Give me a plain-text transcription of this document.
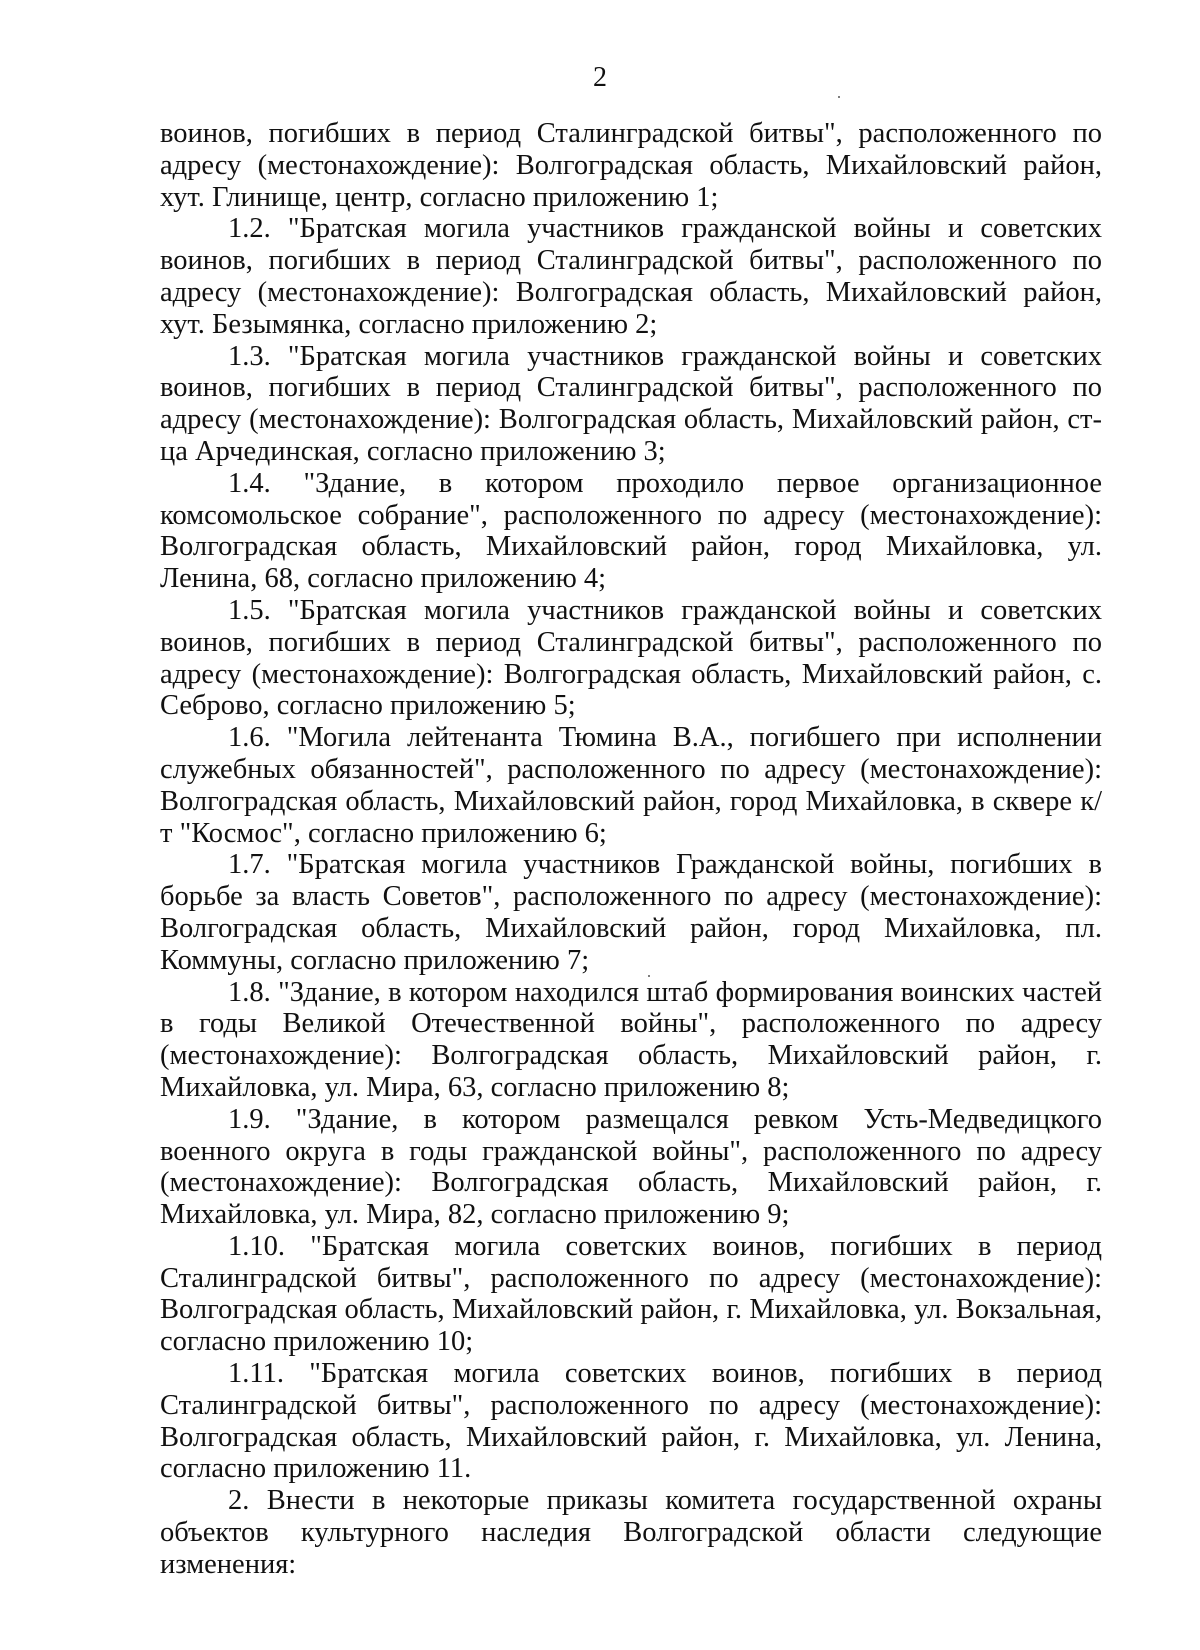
2

воинов, погибших в период Сталинградской битвы", расположенного по адресу (местонахождение): Волгоградская область, Михайловский район, хут. Глинище, центр, согласно приложению 1;

1.2. "Братская могила участников гражданской войны и советских воинов, погибших в период Сталинградской битвы", расположенного по адресу (местонахождение): Волгоградская область, Михайловский район, хут. Безымянка, согласно приложению 2;

1.3. "Братская могила участников гражданской войны и советских воинов, погибших в период Сталинградской битвы", расположенного по адресу (местонахождение): Волгоградская область, Михайловский район, ст-ца Арчединская, согласно приложению 3;

1.4. "Здание, в котором проходило первое организационное комсомольское собрание", расположенного по адресу (местонахождение): Волгоградская область, Михайловский район, город Михайловка, ул. Ленина, 68, согласно приложению 4;

1.5. "Братская могила участников гражданской войны и советских воинов, погибших в период Сталинградской битвы", расположенного по адресу (местонахождение): Волгоградская область, Михайловский район, с. Себрово, согласно приложению 5;

1.6. "Могила лейтенанта Тюмина В.А., погибшего при исполнении служебных обязанностей", расположенного по адресу (местонахождение): Волгоградская область, Михайловский район, город Михайловка, в сквере к/т "Космос", согласно приложению 6;

1.7. "Братская могила участников Гражданской войны, погибших в борьбе за власть Советов", расположенного по адресу (местонахождение): Волгоградская область, Михайловский район, город Михайловка, пл. Коммуны, согласно приложению 7;

1.8. "Здание, в котором находился штаб формирования воинских частей в годы Великой Отечественной войны", расположенного по адресу (местонахождение): Волгоградская область, Михайловский район, г. Михайловка, ул. Мира, 63, согласно приложению 8;

1.9. "Здание, в котором размещался ревком Усть-Медведицкого военного округа в годы гражданской войны", расположенного по адресу (местонахождение): Волгоградская область, Михайловский район, г. Михайловка, ул. Мира, 82, согласно приложению 9;

1.10. "Братская могила советских воинов, погибших в период Сталинградской битвы", расположенного по адресу (местонахождение): Волгоградская область, Михайловский район, г. Михайловка, ул. Вокзальная, согласно приложению 10;

1.11. "Братская могила советских воинов, погибших в период Сталинградской битвы", расположенного по адресу (местонахождение): Волгоградская область, Михайловский район, г. Михайловка, ул. Ленина, согласно приложению 11.

2. Внести в некоторые приказы комитета государственной охраны объектов культурного наследия Волгоградской области следующие изменения:
